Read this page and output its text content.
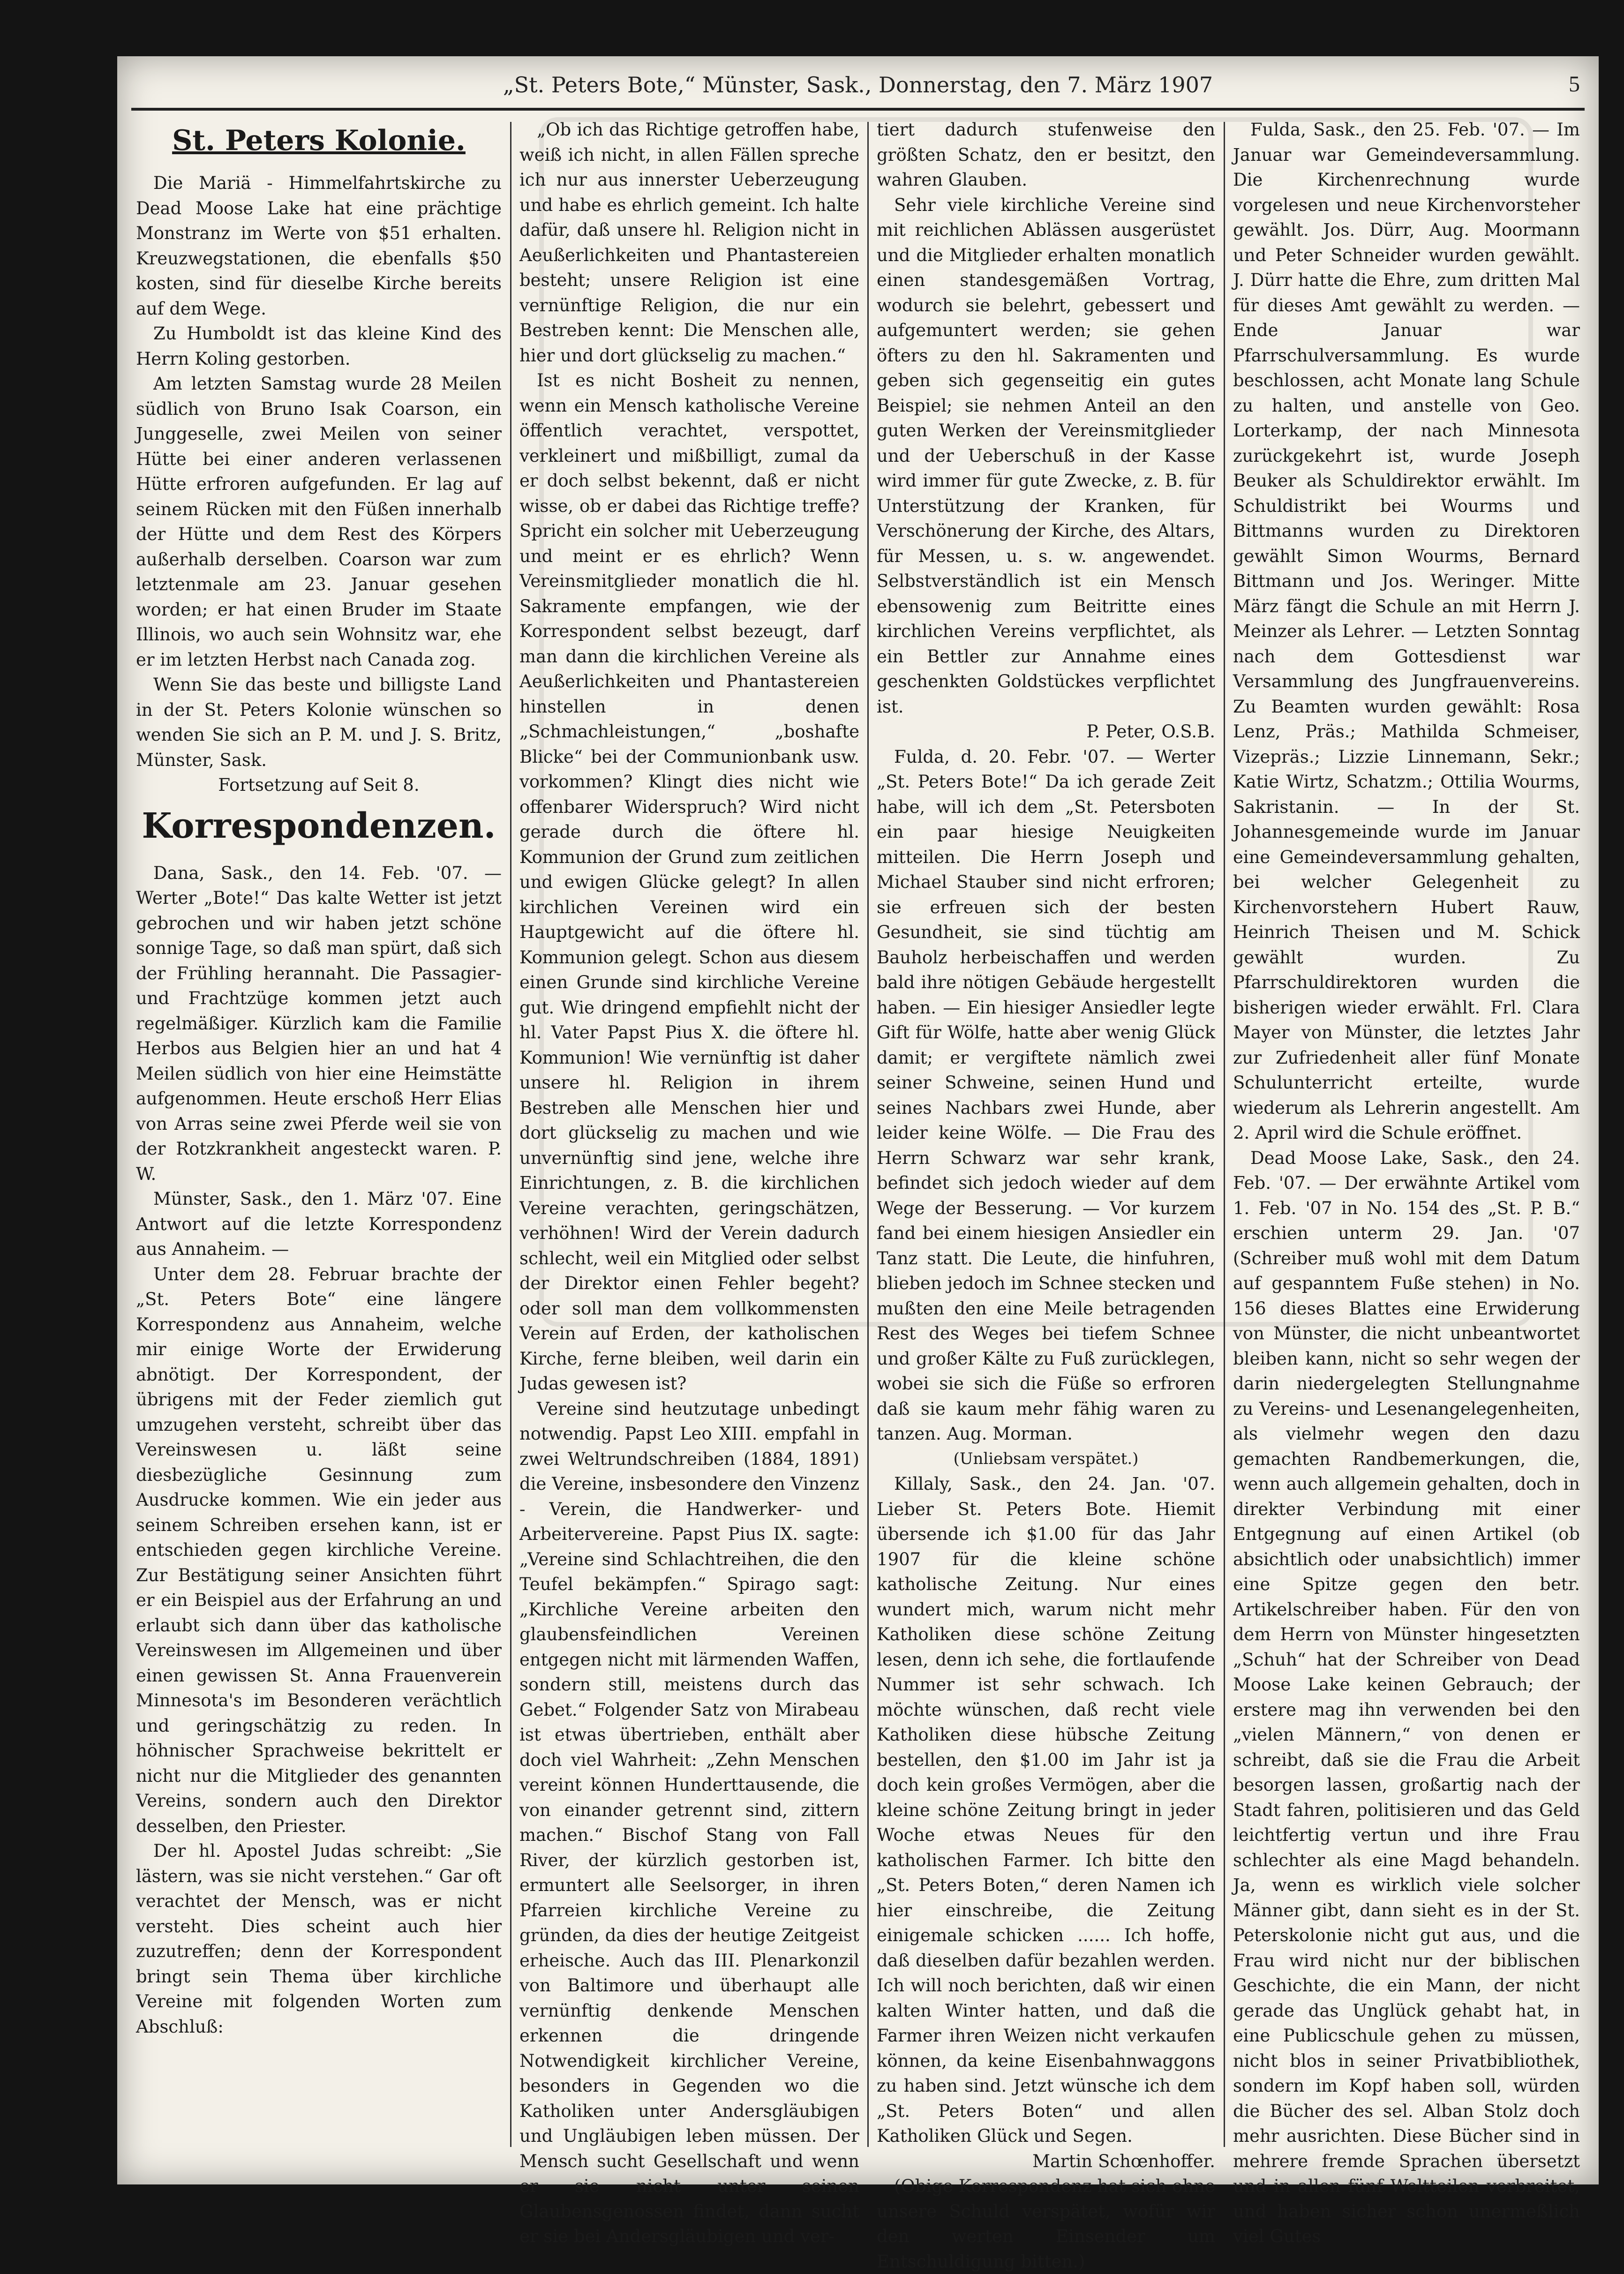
„St. Peters Bote,“ Münster, Sask., Donnerstag, den 7. März 1907	5
St. Peters Kolonie.

Die Mariä - Himmelfahrtskirche zu Dead Moose Lake hat eine prächtige Monstranz im Werte von $51 erhalten. Kreuzwegstationen, die ebenfalls $50 kosten, sind für dieselbe Kirche bereits auf dem Wege.

Zu Humboldt ist das kleine Kind des Herrn Koling gestorben.

Am letzten Samstag wurde 28 Meilen südlich von Bruno Isak Coarson, ein Junggeselle, zwei Meilen von seiner Hütte bei einer anderen verlassenen Hütte erfroren aufgefunden. Er lag auf seinem Rücken mit den Füßen innerhalb der Hütte und dem Rest des Körpers außerhalb derselben. Coarson war zum letztenmale am 23. Januar gesehen worden; er hat einen Bruder im Staate Illinois, wo auch sein Wohnsitz war, ehe er im letzten Herbst nach Canada zog.

Wenn Sie das beste und billigste Land in der St. Peters Kolonie wünschen so wenden Sie sich an P. M. und J. S. Britz, Münster, Sask.

Fortsetzung auf Seit 8.

Korrespondenzen.

Dana, Sask., den 14. Feb. '07. — Werter „Bote!“ Das kalte Wetter ist jetzt gebrochen und wir haben jetzt schöne sonnige Tage, so daß man spürt, daß sich der Frühling herannaht. Die Passagier- und Frachtzüge kommen jetzt auch regelmäßiger. Kürzlich kam die Familie Herbos aus Belgien hier an und hat 4 Meilen südlich von hier eine Heimstätte aufgenommen. Heute erschoß Herr Elias von Arras seine zwei Pferde weil sie von der Rotzkrankheit angesteckt waren. P. W.

Münster, Sask., den 1. März '07. Eine Antwort auf die letzte Korrespondenz aus Annaheim. —

Unter dem 28. Februar brachte der „St. Peters Bote“ eine längere Korrespondenz aus Annaheim, welche mir einige Worte der Erwiderung abnötigt. Der Korrespondent, der übrigens mit der Feder ziemlich gut umzugehen versteht, schreibt über das Vereinswesen u. läßt seine diesbezügliche Gesinnung zum Ausdrucke kommen. Wie ein jeder aus seinem Schreiben ersehen kann, ist er entschieden gegen kirchliche Vereine. Zur Bestätigung seiner Ansichten führt er ein Beispiel aus der Erfahrung an und erlaubt sich dann über das katholische Vereinswesen im Allgemeinen und über einen gewissen St. Anna Frauenverein Minnesota's im Besonderen verächtlich und geringschätzig zu reden. In höhnischer Sprachweise bekrittelt er nicht nur die Mitglieder des genannten Vereins, sondern auch den Direktor desselben, den Priester.

Der hl. Apostel Judas schreibt: „Sie lästern, was sie nicht verstehen.“ Gar oft verachtet der Mensch, was er nicht versteht. Dies scheint auch hier zuzutreffen; denn der Korrespondent bringt sein Thema über kirchliche Vereine mit folgenden Worten zum Abschluß:

„Ob ich das Richtige getroffen habe, weiß ich nicht, in allen Fällen spreche ich nur aus innerster Ueberzeugung und habe es ehrlich gemeint. Ich halte dafür, daß unsere hl. Religion nicht in Aeußerlichkeiten und Phantastereien besteht; unsere Religion ist eine vernünftige Religion, die nur ein Bestreben kennt: Die Menschen alle, hier und dort glückselig zu machen.“

Ist es nicht Bosheit zu nennen, wenn ein Mensch katholische Vereine öffentlich verachtet, verspottet, verkleinert und mißbilligt, zumal da er doch selbst bekennt, daß er nicht wisse, ob er dabei das Richtige treffe? Spricht ein solcher mit Ueberzeugung und meint er es ehrlich? Wenn Vereinsmitglieder monatlich die hl. Sakramente empfangen, wie der Korrespondent selbst bezeugt, darf man dann die kirchlichen Vereine als Aeußerlichkeiten und Phantastereien hinstellen in denen „Schmachleistungen,“ „boshafte Blicke“ bei der Communionbank usw. vorkommen? Klingt dies nicht wie offenbarer Widerspruch? Wird nicht gerade durch die öftere hl. Kommunion der Grund zum zeitlichen und ewigen Glücke gelegt? In allen kirchlichen Vereinen wird ein Hauptgewicht auf die öftere hl. Kommunion gelegt. Schon aus diesem einen Grunde sind kirchliche Vereine gut. Wie dringend empfiehlt nicht der hl. Vater Papst Pius X. die öftere hl. Kommunion! Wie vernünftig ist daher unsere hl. Religion in ihrem Bestreben alle Menschen hier und dort glückselig zu machen und wie unvernünftig sind jene, welche ihre Einrichtungen, z. B. die kirchlichen Vereine verachten, geringschätzen, verhöhnen! Wird der Verein dadurch schlecht, weil ein Mitglied oder selbst der Direktor einen Fehler begeht? oder soll man dem vollkommensten Verein auf Erden, der katholischen Kirche, ferne bleiben, weil darin ein Judas gewesen ist?

Vereine sind heutzutage unbedingt notwendig. Papst Leo XIII. empfahl in zwei Weltrundschreiben (1884, 1891) die Vereine, insbesondere den Vinzenz - Verein, die Handwerker- und Arbeitervereine. Papst Pius IX. sagte: „Vereine sind Schlachtreihen, die den Teufel bekämpfen.“ Spirago sagt: „Kirchliche Vereine arbeiten den glaubensfeindlichen Vereinen entgegen nicht mit lärmenden Waffen, sondern still, meistens durch das Gebet.“ Folgender Satz von Mirabeau ist etwas übertrieben, enthält aber doch viel Wahrheit: „Zehn Menschen vereint können Hunderttausende, die von einander getrennt sind, zittern machen.“ Bischof Stang von Fall River, der kürzlich gestorben ist, ermuntert alle Seelsorger, in ihren Pfarreien kirchliche Vereine zu gründen, da dies der heutige Zeitgeist erheische. Auch das III. Plenarkonzil von Baltimore und überhaupt alle vernünftig denkende Menschen erkennen die dringende Notwendigkeit kirchlicher Vereine, besonders in Gegenden wo die Katholiken unter Andersgläubigen und Ungläubigen leben müssen. Der Mensch sucht Gesellschaft und wenn er sie nicht unter seinen Glaubensgenossen findet, dann sucht er sie bei Andersgläubigen und ver-

tiert dadurch stufenweise den größten Schatz, den er besitzt, den wahren Glauben.

Sehr viele kirchliche Vereine sind mit reichlichen Ablässen ausgerüstet und die Mitglieder erhalten monatlich einen standesgemäßen Vortrag, wodurch sie belehrt, gebessert und aufgemuntert werden; sie gehen öfters zu den hl. Sakramenten und geben sich gegenseitig ein gutes Beispiel; sie nehmen Anteil an den guten Werken der Vereinsmitglieder und der Ueberschuß in der Kasse wird immer für gute Zwecke, z. B. für Unterstützung der Kranken, für Verschönerung der Kirche, des Altars, für Messen, u. s. w. angewendet. Selbstverständlich ist ein Mensch ebensowenig zum Beitritte eines kirchlichen Vereins verpflichtet, als ein Bettler zur Annahme eines geschenkten Goldstückes verpflichtet ist.

P. Peter, O.S.B.

Fulda, d. 20. Febr. '07. — Werter „St. Peters Bote!“ Da ich gerade Zeit habe, will ich dem „St. Petersboten ein paar hiesige Neuigkeiten mitteilen. Die Herrn Joseph und Michael Stauber sind nicht erfroren; sie erfreuen sich der besten Gesundheit, sie sind tüchtig am Bauholz herbeischaffen und werden bald ihre nötigen Gebäude hergestellt haben. — Ein hiesiger Ansiedler legte Gift für Wölfe, hatte aber wenig Glück damit; er vergiftete nämlich zwei seiner Schweine, seinen Hund und seines Nachbars zwei Hunde, aber leider keine Wölfe. — Die Frau des Herrn Schwarz war sehr krank, befindet sich jedoch wieder auf dem Wege der Besserung. — Vor kurzem fand bei einem hiesigen Ansiedler ein Tanz statt. Die Leute, die hinfuhren, blieben jedoch im Schnee stecken und mußten den eine Meile betragenden Rest des Weges bei tiefem Schnee und großer Kälte zu Fuß zurücklegen, wobei sie sich die Füße so erfroren daß sie kaum mehr fähig waren zu tanzen. Aug. Morman.

(Unliebsam verspätet.)

Killaly, Sask., den 24. Jan. '07. Lieber St. Peters Bote. Hiemit übersende ich $1.00 für das Jahr 1907 für die kleine schöne katholische Zeitung. Nur eines wundert mich, warum nicht mehr Katholiken diese schöne Zeitung lesen, denn ich sehe, die fortlaufende Nummer ist sehr schwach. Ich möchte wünschen, daß recht viele Katholiken diese hübsche Zeitung bestellen, den $1.00 im Jahr ist ja doch kein großes Vermögen, aber die kleine schöne Zeitung bringt in jeder Woche etwas Neues für den katholischen Farmer. Ich bitte den „St. Peters Boten,“ deren Namen ich hier einschreibe, die Zeitung einigemale schicken ...... Ich hoffe, daß dieselben dafür bezahlen werden. Ich will noch berichten, daß wir einen kalten Winter hatten, und daß die Farmer ihren Weizen nicht verkaufen können, da keine Eisenbahnwaggons zu haben sind. Jetzt wünsche ich dem „St. Peters Boten“ und allen Katholiken Glück und Segen.

Martin Schœnhoffer.

(Obige Korrespondenz hat sich ohne unsere Schuld verspätet, wofür wir den werten Einsender um Entschuldigung bitten.)

Fulda, Sask., den 25. Feb. '07. — Im Januar war Gemeindeversammlung. Die Kirchenrechnung wurde vorgelesen und neue Kirchenvorsteher gewählt. Jos. Dürr, Aug. Moormann und Peter Schneider wurden gewählt. J. Dürr hatte die Ehre, zum dritten Mal für dieses Amt gewählt zu werden. — Ende Januar war Pfarrschulversammlung. Es wurde beschlossen, acht Monate lang Schule zu halten, und anstelle von Geo. Lorterkamp, der nach Minnesota zurückgekehrt ist, wurde Joseph Beuker als Schuldirektor erwählt. Im Schuldistrikt bei Wourms und Bittmanns wurden zu Direktoren gewählt Simon Wourms, Bernard Bittmann und Jos. Weringer. Mitte März fängt die Schule an mit Herrn J. Meinzer als Lehrer. — Letzten Sonntag nach dem Gottesdienst war Versammlung des Jungfrauenvereins. Zu Beamten wurden gewählt: Rosa Lenz, Präs.; Mathilda Schmeiser, Vizepräs.; Lizzie Linnemann, Sekr.; Katie Wirtz, Schatzm.; Ottilia Wourms, Sakristanin. — In der St. Johannesgemeinde wurde im Januar eine Gemeindeversammlung gehalten, bei welcher Gelegenheit zu Kirchenvorstehern Hubert Rauw, Heinrich Theisen und M. Schick gewählt wurden. Zu Pfarrschuldirektoren wurden die bisherigen wieder erwählt. Frl. Clara Mayer von Münster, die letztes Jahr zur Zufriedenheit aller fünf Monate Schulunterricht erteilte, wurde wiederum als Lehrerin angestellt. Am 2. April wird die Schule eröffnet.

Dead Moose Lake, Sask., den 24. Feb. '07. — Der erwähnte Artikel vom 1. Feb. '07 in No. 154 des „St. P. B.“ erschien unterm 29. Jan. '07 (Schreiber muß wohl mit dem Datum auf gespanntem Fuße stehen) in No. 156 dieses Blattes eine Erwiderung von Münster, die nicht unbeantwortet bleiben kann, nicht so sehr wegen der darin niedergelegten Stellungnahme zu Vereins- und Lesenangelegenheiten, als vielmehr wegen den dazu gemachten Randbemerkungen, die, wenn auch allgemein gehalten, doch in direkter Verbindung mit einer Entgegnung auf einen Artikel (ob absichtlich oder unabsichtlich) immer eine Spitze gegen den betr. Artikelschreiber haben. Für den von dem Herrn von Münster hingesetzten „Schuh“ hat der Schreiber von Dead Moose Lake keinen Gebrauch; der erstere mag ihn verwenden bei den „vielen Männern,“ von denen er schreibt, daß sie die Frau die Arbeit besorgen lassen, großartig nach der Stadt fahren, politisieren und das Geld leichtfertig vertun und ihre Frau schlechter als eine Magd behandeln. Ja, wenn es wirklich viele solcher Männer gibt, dann sieht es in der St. Peterskolonie nicht gut aus, und die Frau wird nicht nur der biblischen Geschichte, die ein Mann, der nicht gerade das Unglück gehabt hat, in eine Publicschule gehen zu müssen, nicht blos in seiner Privatbibliothek, sondern im Kopf haben soll, würden die Bücher des sel. Alban Stolz doch mehr ausrichten. Diese Bücher sind in mehrere fremde Sprachen übersetzt und in allen fünf Weltteilen verbreitet, und haben sicher schon unermeßlich viel Gutes
